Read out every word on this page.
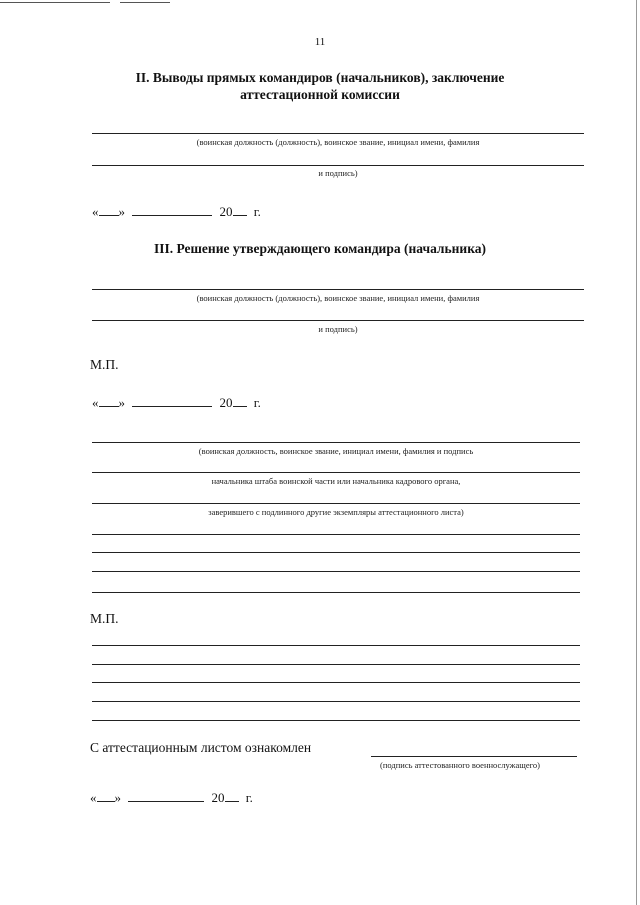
11
II. Выводы прямых командиров (начальников), заключение
аттестационной комиссии
(воинская должность (должность), воинское звание, инициал имени, фамилия
и подпись)
« »	20 г.
III. Решение утверждающего командира (начальника)
(воинская должность (должность), воинское звание, инициал имени, фамилия
и подпись)
М.П.
« »	20 г.
(воинская должность, воинское звание, инициал имени, фамилия и подпись
начальника штаба воинской части или начальника кадрового органа,
заверившего с подлинного другие экземпляры аттестационного листа)
М.П.
С аттестационным листом ознакомлен
(подпись аттестованного военнослужащего)
« »	20 г.
